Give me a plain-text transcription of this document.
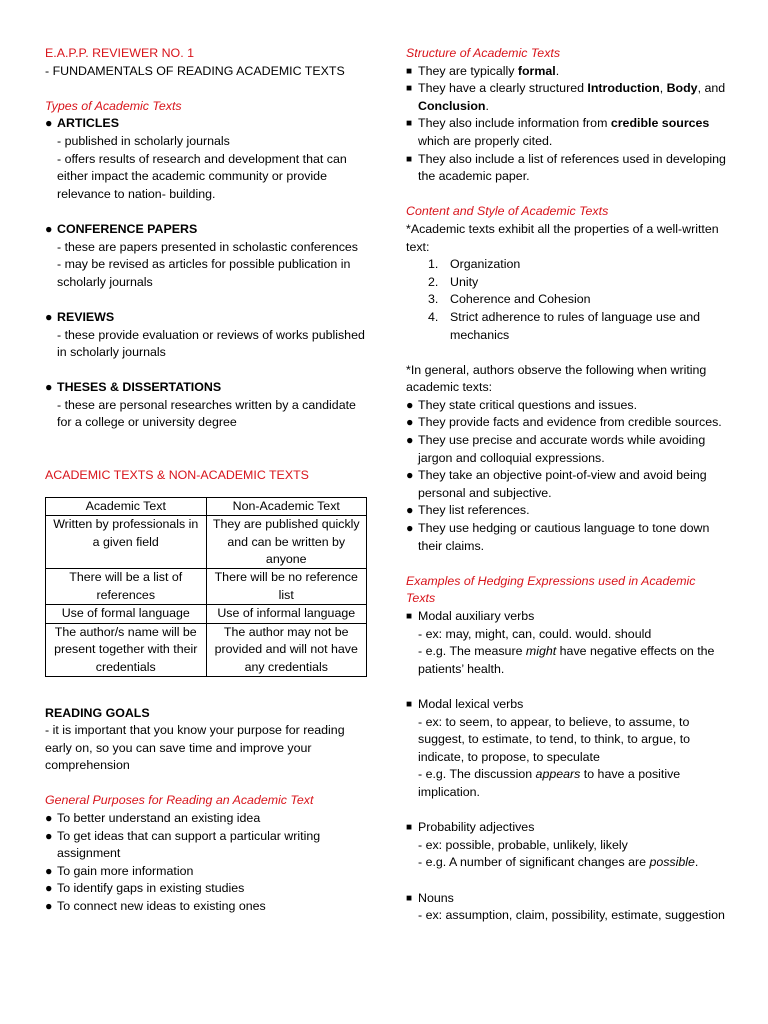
E.A.P.P. REVIEWER NO. 1

- FUNDAMENTALS OF READING ACADEMIC TEXTS

Types of Academic Texts

● ARTICLES

- published in scholarly journals

- offers results of research and development that can either impact the academic community or provide relevance to nation- building.

● CONFERENCE PAPERS

- these are papers presented in scholastic conferences

- may be revised as articles for possible publication in scholarly journals

● REVIEWS

- these provide evaluation or reviews of works published in scholarly journals

● THESES & DISSERTATIONS

- these are personal researches written by a candidate for a college or university degree

ACADEMIC TEXTS & NON-ACADEMIC TEXTS

Academic Text	Non-Academic Text
Written by professionals in a given field	They are published quickly and can be written by anyone
There will be a list of references	There will be no reference list
Use of formal language	Use of informal language
The author/s name will be present together with their credentials	The author may not be provided and will not have any credentials

READING GOALS

- it is important that you know your purpose for reading early on, so you can save time and improve your comprehension

General Purposes for Reading an Academic Text

● To better understand an existing idea
● To get ideas that can support a particular writing assignment
● To gain more information
● To identify gaps in existing studies
● To connect new ideas to existing ones

Structure of Academic Texts

■ They are typically formal.
■ They have a clearly structured Introduction, Body, and Conclusion.
■ They also include information from credible sources which are properly cited.
■ They also include a list of references used in developing the academic paper.

Content and Style of Academic Texts

*Academic texts exhibit all the properties of a well-written text:

1. Organization
2. Unity
3. Coherence and Cohesion
4. Strict adherence to rules of language use and mechanics

*In general, authors observe the following when writing academic texts:

● They state critical questions and issues.
● They provide facts and evidence from credible sources.
● They use precise and accurate words while avoiding jargon and colloquial expressions.
● They take an objective point-of-view and avoid being personal and subjective.
● They list references.
● They use hedging or cautious language to tone down their claims.

Examples of Hedging Expressions used in Academic Texts

■ Modal auxiliary verbs

- ex: may, might, can, could. would. should

- e.g. The measure might have negative effects on the patients’ health.

■ Modal lexical verbs

- ex: to seem, to appear, to believe, to assume, to suggest, to estimate, to tend, to think, to argue, to indicate, to propose, to speculate

- e.g. The discussion appears to have a positive implication.

■ Probability adjectives

- ex: possible, probable, unlikely, likely

- e.g. A number of significant changes are possible.

■ Nouns

- ex: assumption, claim, possibility, estimate, suggestion
